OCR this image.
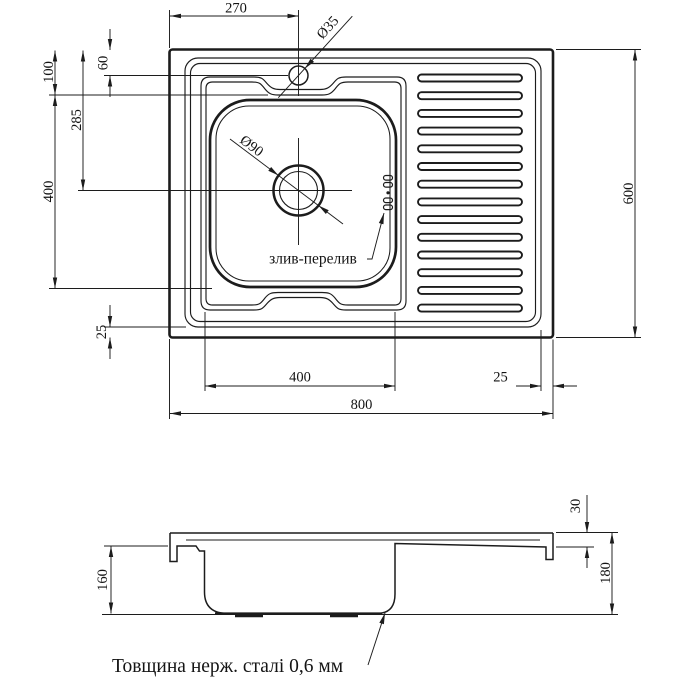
270
Ø35
100	60
285
400
25
Ø90
злив-перелив
400	25
800
600
160
30
180
Товщина нерж. сталі 0,6 мм
